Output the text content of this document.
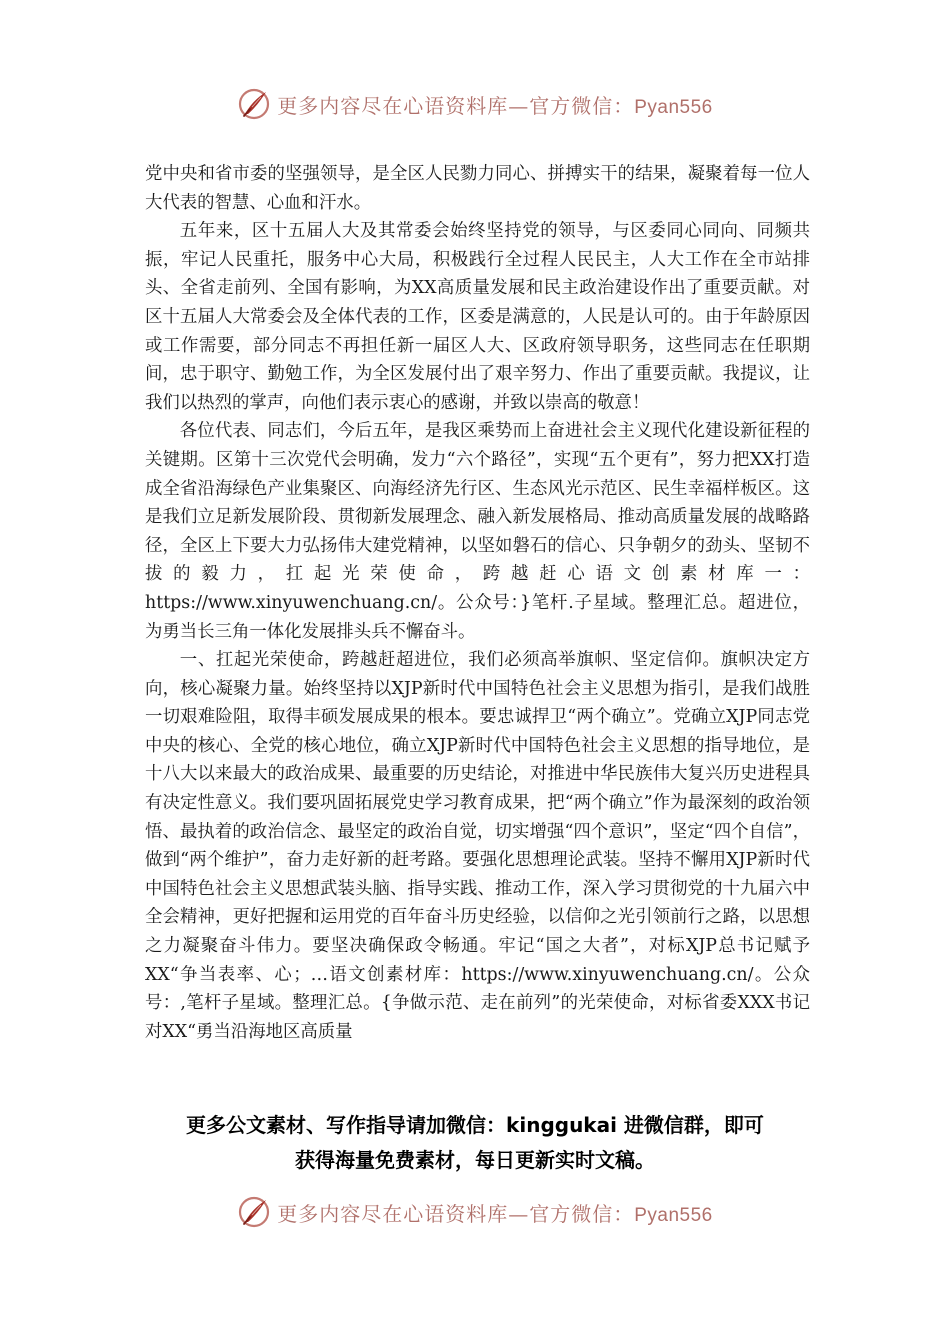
更多内容尽在心语资料库—官方微信：Pyan556

党中央和省市委的坚强领导，是全区人民勠力同心、拼搏实干的结果，凝聚着每一位人大代表的智慧、心血和汗水。

五年来，区十五届人大及其常委会始终坚持党的领导，与区委同心同向、同频共振，牢记人民重托，服务中心大局，积极践行全过程人民民主，人大工作在全市站排头、全省走前列、全国有影响，为XX高质量发展和民主政治建设作出了重要贡献。对区十五届人大常委会及全体代表的工作，区委是满意的，人民是认可的。由于年龄原因或工作需要，部分同志不再担任新一届区人大、区政府领导职务，这些同志在任职期间，忠于职守、勤勉工作，为全区发展付出了艰辛努力、作出了重要贡献。我提议，让我们以热烈的掌声，向他们表示衷心的感谢，并致以崇高的敬意！

各位代表、同志们，今后五年，是我区乘势而上奋进社会主义现代化建设新征程的关键期。区第十三次党代会明确，发力“六个路径”，实现“五个更有”，努力把XX打造成全省沿海绿色产业集聚区、向海经济先行区、生态风光示范区、民生幸福样板区。这是我们立足新发展阶段、贯彻新发展理念、融入新发展格局、推动高质量发展的战略路径，全区上下要大力弘扬伟大建党精神，以坚如磐石的信心、只争朝夕的劲头、坚韧不拔的毅力，扛起光荣使命，跨越赶心语文创素材库一：https://www.xinyuwenchuang.cn/。公众号：}笔杆.子星域。整理汇总。超进位，为勇当长三角一体化发展排头兵不懈奋斗。

一、扛起光荣使命，跨越赶超进位，我们必须高举旗帜、坚定信仰。旗帜决定方向，核心凝聚力量。始终坚持以XJP新时代中国特色社会主义思想为指引，是我们战胜一切艰难险阻，取得丰硕发展成果的根本。要忠诚捍卫“两个确立”。党确立XJP同志党中央的核心、全党的核心地位，确立XJP新时代中国特色社会主义思想的指导地位，是十八大以来最大的政治成果、最重要的历史结论，对推进中华民族伟大复兴历史进程具有决定性意义。我们要巩固拓展党史学习教育成果，把“两个确立”作为最深刻的政治领悟、最执着的政治信念、最坚定的政治自觉，切实增强“四个意识”，坚定“四个自信”，做到“两个维护”，奋力走好新的赶考路。要强化思想理论武装。坚持不懈用XJP新时代中国特色社会主义思想武装头脑、指导实践、推动工作，深入学习贯彻党的十九届六中全会精神，更好把握和运用党的百年奋斗历史经验，以信仰之光引领前行之路，以思想之力凝聚奋斗伟力。要坚决确保政令畅通。牢记“国之大者”，对标XJP总书记赋予XX“争当表率、心；…语文创素材库：https://www.xinyuwenchuang.cn/。公众号：,笔杆子星域。整理汇总。{争做示范、走在前列”的光荣使命，对标省委XXX书记对XX“勇当沿海地区高质量

更多公文素材、写作指导请加微信：kinggukai 进微信群，即可
获得海量免费素材，每日更新实时文稿。
更多内容尽在心语资料库—官方微信：Pyan556
